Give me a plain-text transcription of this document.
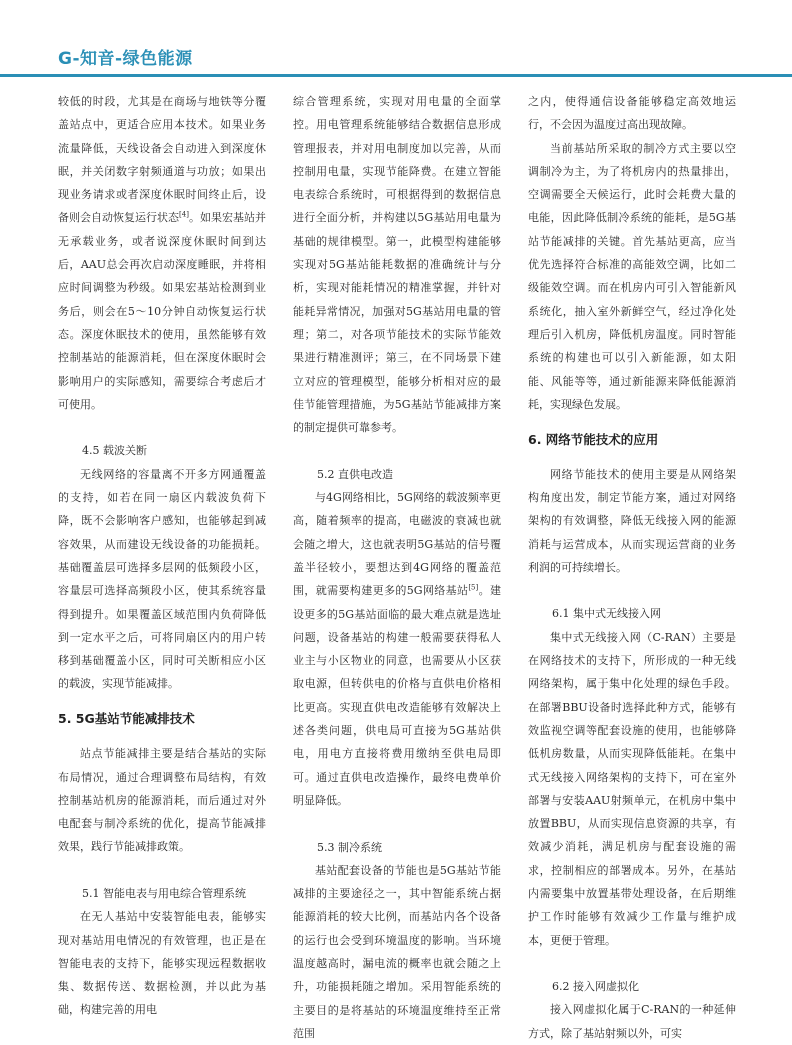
G-知音-绿色能源

较低的时段，尤其是在商场与地铁等分覆盖站点中，更适合应用本技术。如果业务流量降低，天线设备会自动进入到深度休眠，并关闭数字射频通道与功放；如果出现业务请求或者深度休眠时间终止后，设备则会自动恢复运行状态[4]。如果宏基站并无承载业务，或者说深度休眠时间到达后，AAU总会再次启动深度睡眠，并将相应时间调整为秒级。如果宏基站检测到业务后，则会在5～10分钟自动恢复运行状态。深度休眠技术的使用，虽然能够有效控制基站的能源消耗，但在深度休眠时会影响用户的实际感知，需要综合考虑后才可使用。

4.5 载波关断

无线网络的容量离不开多方网通覆盖的支持，如若在同一扇区内载波负荷下降，既不会影响客户感知，也能够起到减容效果，从而建设无线设备的功能损耗。基础覆盖层可选择多层网的低频段小区，容量层可选择高频段小区，使其系统容量得到提升。如果覆盖区域范围内负荷降低到一定水平之后，可将同扇区内的用户转移到基础覆盖小区，同时可关断相应小区的载波，实现节能减排。

5. 5G基站节能减排技术

站点节能减排主要是结合基站的实际布局情况，通过合理调整布局结构，有效控制基站机房的能源消耗，而后通过对外电配套与制冷系统的优化，提高节能减排效果，践行节能减排政策。

5.1 智能电表与用电综合管理系统

在无人基站中安装智能电表，能够实现对基站用电情况的有效管理，也正是在智能电表的支持下，能够实现远程数据收集、数据传送、数据检测，并以此为基础，构建完善的用电

综合管理系统，实现对用电量的全面掌控。用电管理系统能够结合数据信息形成管理报表，并对用电制度加以完善，从而控制用电量，实现节能降费。在建立智能电表综合系统时，可根据得到的数据信息进行全面分析，并构建以5G基站用电量为基础的规律模型。第一，此模型构建能够实现对5G基站能耗数据的准确统计与分析，实现对能耗情况的精准掌握，并针对能耗异常情况，加强对5G基站用电量的管理；第二，对各项节能技术的实际节能效果进行精准测评；第三，在不同场景下建立对应的管理模型，能够分析相对应的最佳节能管理措施，为5G基站节能减排方案的制定提供可靠参考。

5.2 直供电改造

与4G网络相比，5G网络的载波频率更高，随着频率的提高，电磁波的衰减也就会随之增大，这也就表明5G基站的信号覆盖半径较小，要想达到4G网络的覆盖范围，就需要构建更多的5G网络基站[5]。建设更多的5G基站面临的最大难点就是选址问题，设备基站的构建一般需要获得私人业主与小区物业的同意，也需要从小区获取电源，但转供电的价格与直供电价格相比更高。实现直供电改造能够有效解决上述各类问题，供电局可直接为5G基站供电，用电方直接将费用缴纳至供电局即可。通过直供电改造操作，最终电费单价明显降低。

5.3 制冷系统

基站配套设备的节能也是5G基站节能减排的主要途径之一，其中智能系统占据能源消耗的较大比例，而基站内各个设备的运行也会受到环境温度的影响。当环境温度越高时，漏电流的概率也就会随之上升，功能损耗随之增加。采用智能系统的主要目的是将基站的环境温度维持至正常范围

之内，使得通信设备能够稳定高效地运行，不会因为温度过高出现故障。

当前基站所采取的制冷方式主要以空调制冷为主，为了将机房内的热量排出，空调需要全天候运行，此时会耗费大量的电能，因此降低制冷系统的能耗，是5G基站节能减排的关键。首先基站更高，应当优先选择符合标准的高能效空调，比如二级能效空调。而在机房内可引入智能新风系统化，抽入室外新鲜空气，经过净化处理后引入机房，降低机房温度。同时智能系统的构建也可以引入新能源，如太阳能、风能等等，通过新能源来降低能源消耗，实现绿色发展。

6. 网络节能技术的应用

网络节能技术的使用主要是从网络架构角度出发，制定节能方案，通过对网络架构的有效调整，降低无线接入网的能源消耗与运营成本，从而实现运营商的业务利润的可持续增长。

6.1 集中式无线接入网

集中式无线接入网（C-RAN）主要是在网络技术的支持下，所形成的一种无线网络架构，属于集中化处理的绿色手段。在部署BBU设备时选择此种方式，能够有效监视空调等配套设施的使用，也能够降低机房数量，从而实现降低能耗。在集中式无线接入网络架构的支持下，可在室外部署与安装AAU射频单元，在机房中集中放置BBU，从而实现信息资源的共享，有效减少消耗，满足机房与配套设施的需求，控制相应的部署成本。另外，在基站内需要集中放置基带处理设备，在后期维护工作时能够有效减少工作量与维护成本，更便于管理。

6.2 接入网虚拟化

接入网虚拟化属于C-RAN的一种延伸方式，除了基站射频以外，可实
